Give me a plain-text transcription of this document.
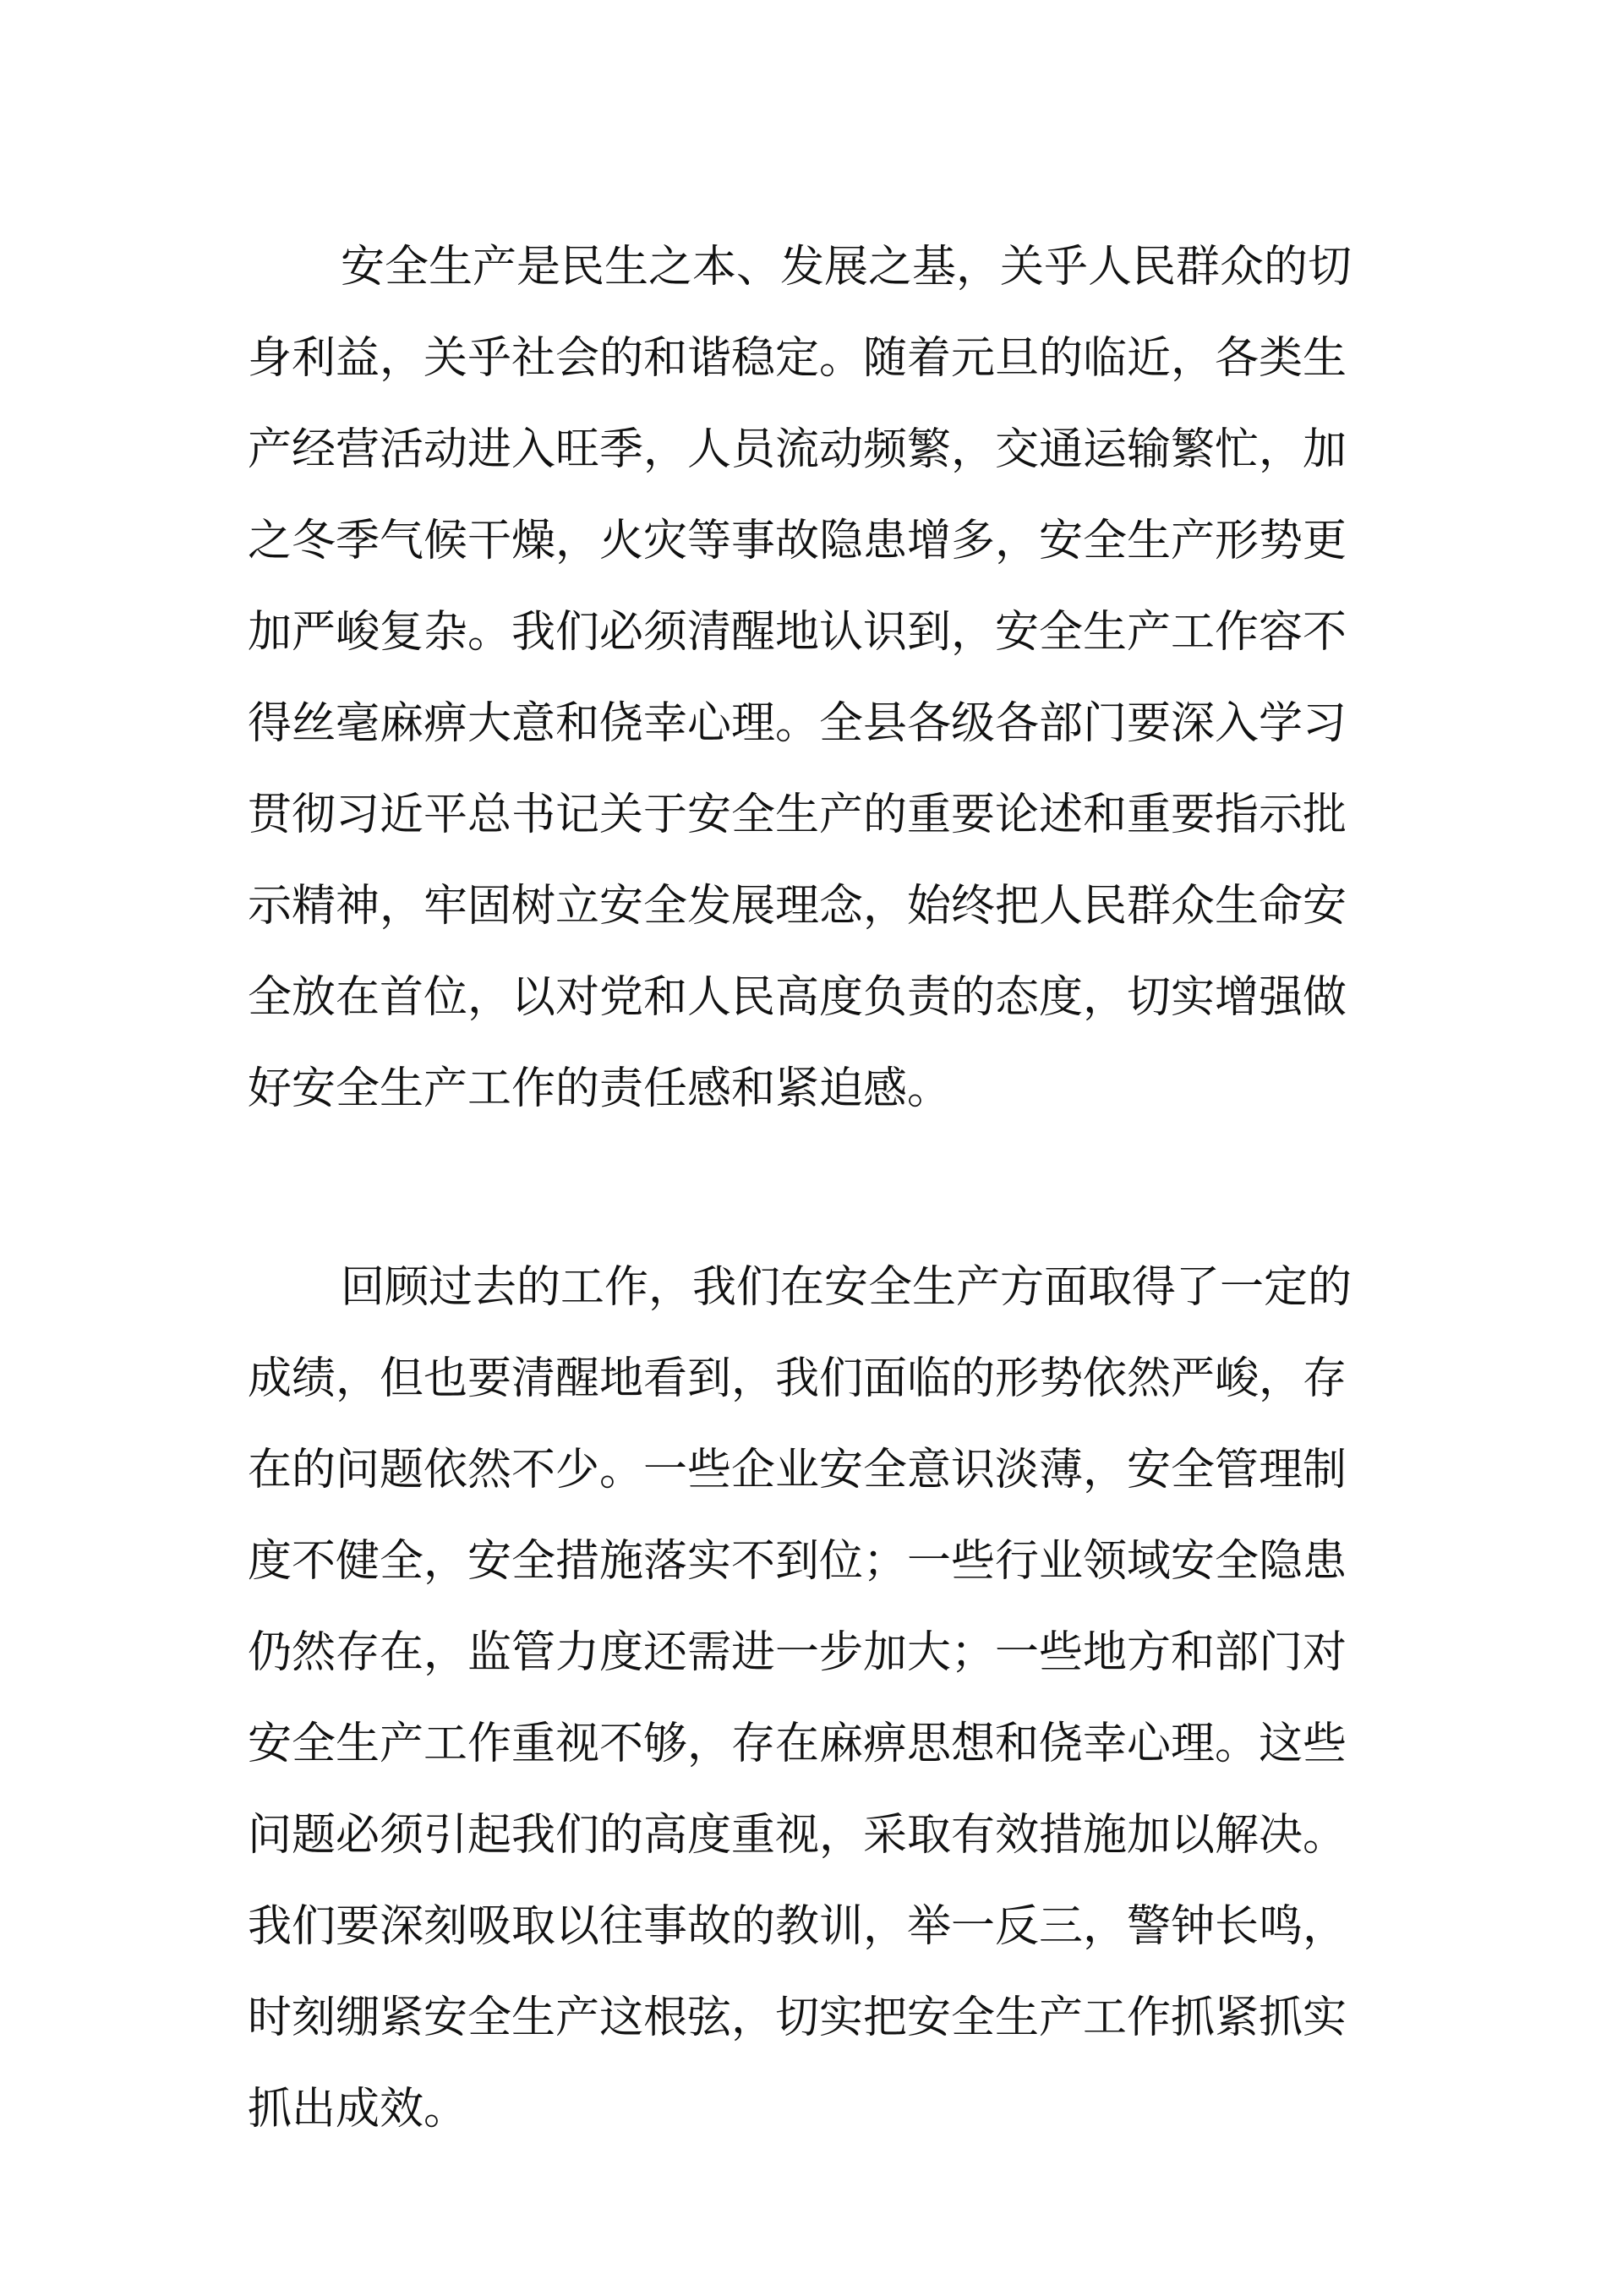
安全生产是民生之本、发展之基，关乎人民群众的切
身利益，关乎社会的和谐稳定。随着元旦的临近，各类生
产经营活动进入旺季，人员流动频繁，交通运输繁忙，加
之冬季气候干燥，火灾等事故隐患增多，安全生产形势更
加严峻复杂。我们必须清醒地认识到，安全生产工作容不
得丝毫麻痹大意和侥幸心理。全县各级各部门要深入学习
贯彻习近平总书记关于安全生产的重要论述和重要指示批
示精神，牢固树立安全发展理念，始终把人民群众生命安
全放在首位，以对党和人民高度负责的态度，切实增强做
好安全生产工作的责任感和紧迫感。
回顾过去的工作，我们在安全生产方面取得了一定的
成绩，但也要清醒地看到，我们面临的形势依然严峻，存
在的问题依然不少。一些企业安全意识淡薄，安全管理制
度不健全，安全措施落实不到位；一些行业领域安全隐患
仍然存在，监管力度还需进一步加大；一些地方和部门对
安全生产工作重视不够，存在麻痹思想和侥幸心理。这些
问题必须引起我们的高度重视，采取有效措施加以解决。
我们要深刻吸取以往事故的教训，举一反三，警钟长鸣，
时刻绷紧安全生产这根弦，切实把安全生产工作抓紧抓实
抓出成效。
